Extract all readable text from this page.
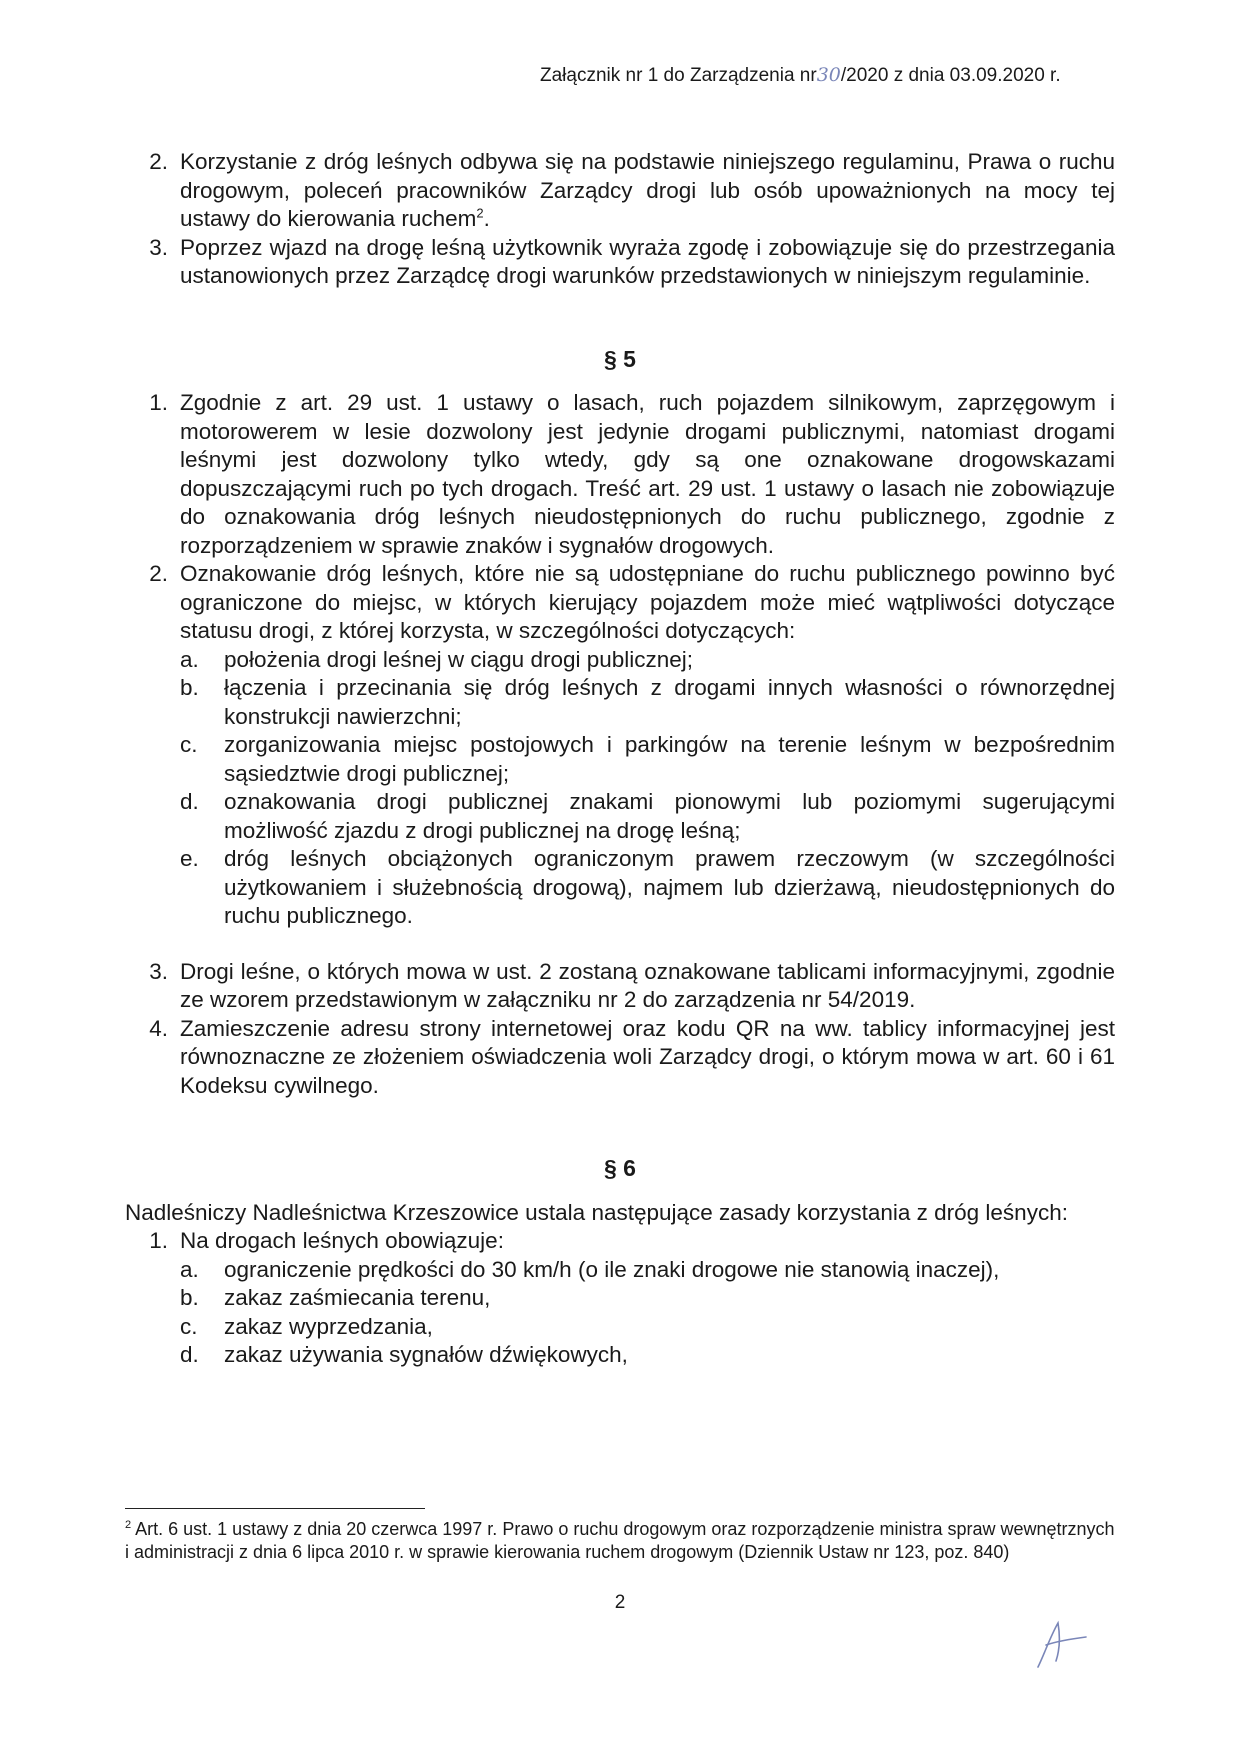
Załącznik nr 1 do Zarządzenia nr30/2020 z dnia 03.09.2020 r.
2. Korzystanie z dróg leśnych odbywa się na podstawie niniejszego regulaminu, Prawa o ruchu drogowym, poleceń pracowników Zarządcy drogi lub osób upoważnionych na mocy tej ustawy do kierowania ruchem$^2$.
3. Poprzez wjazd na drogę leśną użytkownik wyraża zgodę i zobowiązuje się do przestrzegania ustanowionych przez Zarządcę drogi warunków przedstawionych w niniejszym regulaminie.
§ 5
1. Zgodnie z art. 29 ust. 1 ustawy o lasach, ruch pojazdem silnikowym, zaprzęgowym i motorowerem w lesie dozwolony jest jedynie drogami publicznymi, natomiast drogami leśnymi jest dozwolony tylko wtedy, gdy są one oznakowane drogowskazami dopuszczającymi ruch po tych drogach. Treść art. 29 ust. 1 ustawy o lasach nie zobowiązuje do oznakowania dróg leśnych nieudostępnionych do ruchu publicznego, zgodnie z rozporządzeniem w sprawie znaków i sygnałów drogowych.
2. Oznakowanie dróg leśnych, które nie są udostępniane do ruchu publicznego powinno być ograniczone do miejsc, w których kierujący pojazdem może mieć wątpliwości dotyczące statusu drogi, z której korzysta, w szczególności dotyczących:
a.	położenia drogi leśnej w ciągu drogi publicznej;
b.	łączenia i przecinania się dróg leśnych z drogami innych własności o równorzędnej konstrukcji nawierzchni;
c.	zorganizowania miejsc postojowych i parkingów na terenie leśnym w bezpośrednim sąsiedztwie drogi publicznej;
d.	oznakowania drogi publicznej znakami pionowymi lub poziomymi sugerującymi możliwość zjazdu z drogi publicznej na drogę leśną;
e.	dróg leśnych obciążonych ograniczonym prawem rzeczowym (w szczególności użytkowaniem i służebnością drogową), najmem lub dzierżawą, nieudostępnionych do ruchu publicznego.
3. Drogi leśne, o których mowa w ust. 2 zostaną oznakowane tablicami informacyjnymi, zgodnie ze wzorem przedstawionym w załączniku nr 2 do zarządzenia nr 54/2019.
4. Zamieszczenie adresu strony internetowej oraz kodu QR na ww. tablicy informacyjnej jest równoznaczne ze złożeniem oświadczenia woli Zarządcy drogi, o którym mowa w art. 60 i 61 Kodeksu cywilnego.
§ 6
Nadleśniczy Nadleśnictwa Krzeszowice ustala następujące zasady korzystania z dróg leśnych:
1. Na drogach leśnych obowiązuje:
a.	ograniczenie prędkości do 30 km/h (o ile znaki drogowe nie stanowią inaczej),
b.	zakaz zaśmiecania terenu,
c.	zakaz wyprzedzania,
d.	zakaz używania sygnałów dźwiękowych,
$^2$ Art. 6 ust. 1 ustawy z dnia 20 czerwca 1997 r. Prawo o ruchu drogowym oraz rozporządzenie ministra spraw wewnętrznych i administracji z dnia 6 lipca 2010 r. w sprawie kierowania ruchem drogowym (Dziennik Ustaw nr 123, poz. 840)
2
